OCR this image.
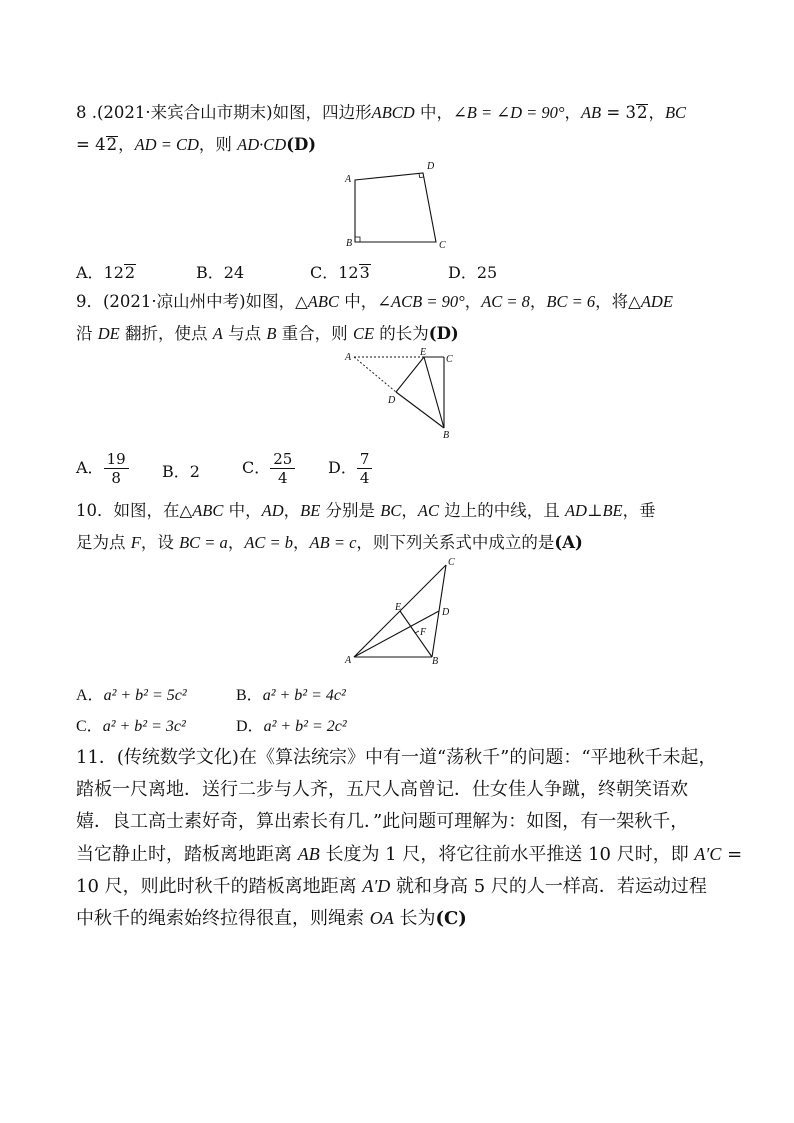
8 .(2021·来宾合山市期末)如图，四边形ABCD 中，∠B = ∠D = 90°，AB = 32，BC
= 42，AD = CD，则 AD·CD(D)
A
B	C
D
A．122	B．24	C．123	D．25
9．(2021·凉山州中考)如图，△ABC 中，∠ACB = 90°，AC = 8，BC = 6，将△ADE
沿 DE 翻折，使点 A 与点 B 重合，则 CE 的长为(D)
A
B
C
D
E
A． $\frac{19}{8}$ B．2	C． $\frac{25}{4}$ D． $\frac{7}{4}$
10．如图，在△ABC 中，AD，BE 分别是 BC，AC 边上的中线，且 AD⊥BE，垂
足为点 F，设 BC = a，AC = b，AB = c，则下列关系式中成立的是(A)
A	B
C
D
E
F
A．a² + b² = 5c²	B．a² + b² = 4c²
C．a² + b² = 3c²	D．a² + b² = 2c²
11．(传统数学文化)在《算法统宗》中有一道“荡秋千”的问题：“平地秋千未起，
踏板一尺离地．送行二步与人齐，五尺人高曾记．仕女佳人争蹴，终朝笑语欢
嬉．良工高士素好奇，算出索长有几．”此问题可理解为：如图，有一架秋千，
当它静止时，踏板离地距离 AB 长度为 1 尺，将它往前水平推送 10 尺时，即 A′C =
10 尺，则此时秋千的踏板离地距离 A′D 就和身高 5 尺的人一样高．若运动过程
中秋千的绳索始终拉得很直，则绳索 OA 长为(C)
